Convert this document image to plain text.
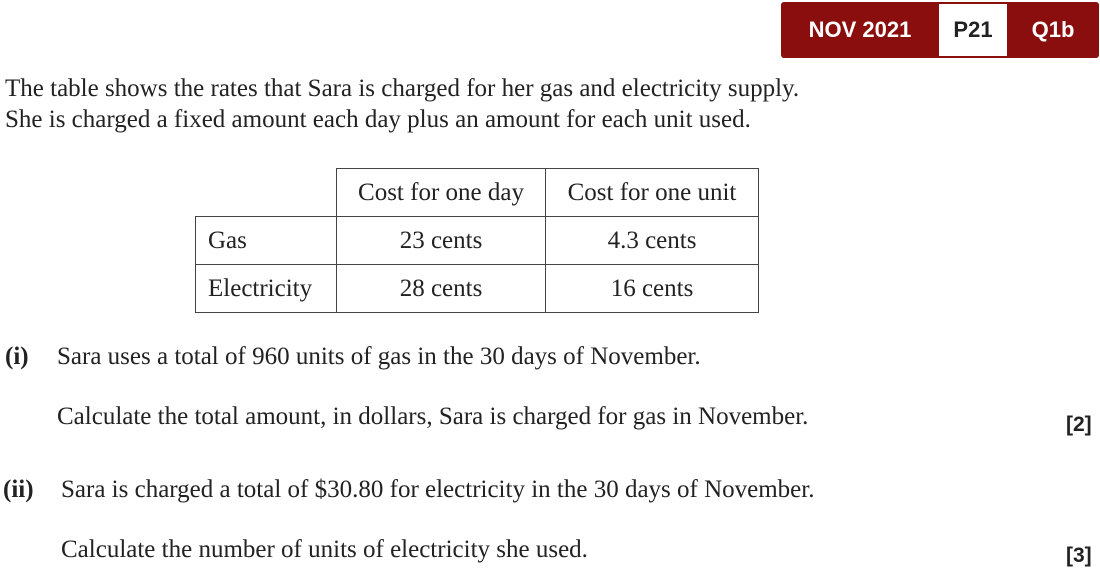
NOV 2021	P21	Q1b
The table shows the rates that Sara is charged for her gas and electricity supply.
She is charged a fixed amount each day plus an amount for each unit used.
	Cost for one day	Cost for one unit
Gas	23 cents	4.3 cents
Electricity	28 cents	16 cents
(i) Sara uses a total of 960 units of gas in the 30 days of November.
Calculate the total amount, in dollars, Sara is charged for gas in November.	[2]
(ii) Sara is charged a total of $30.80 for electricity in the 30 days of November.
Calculate the number of units of electricity she used.	[3]
